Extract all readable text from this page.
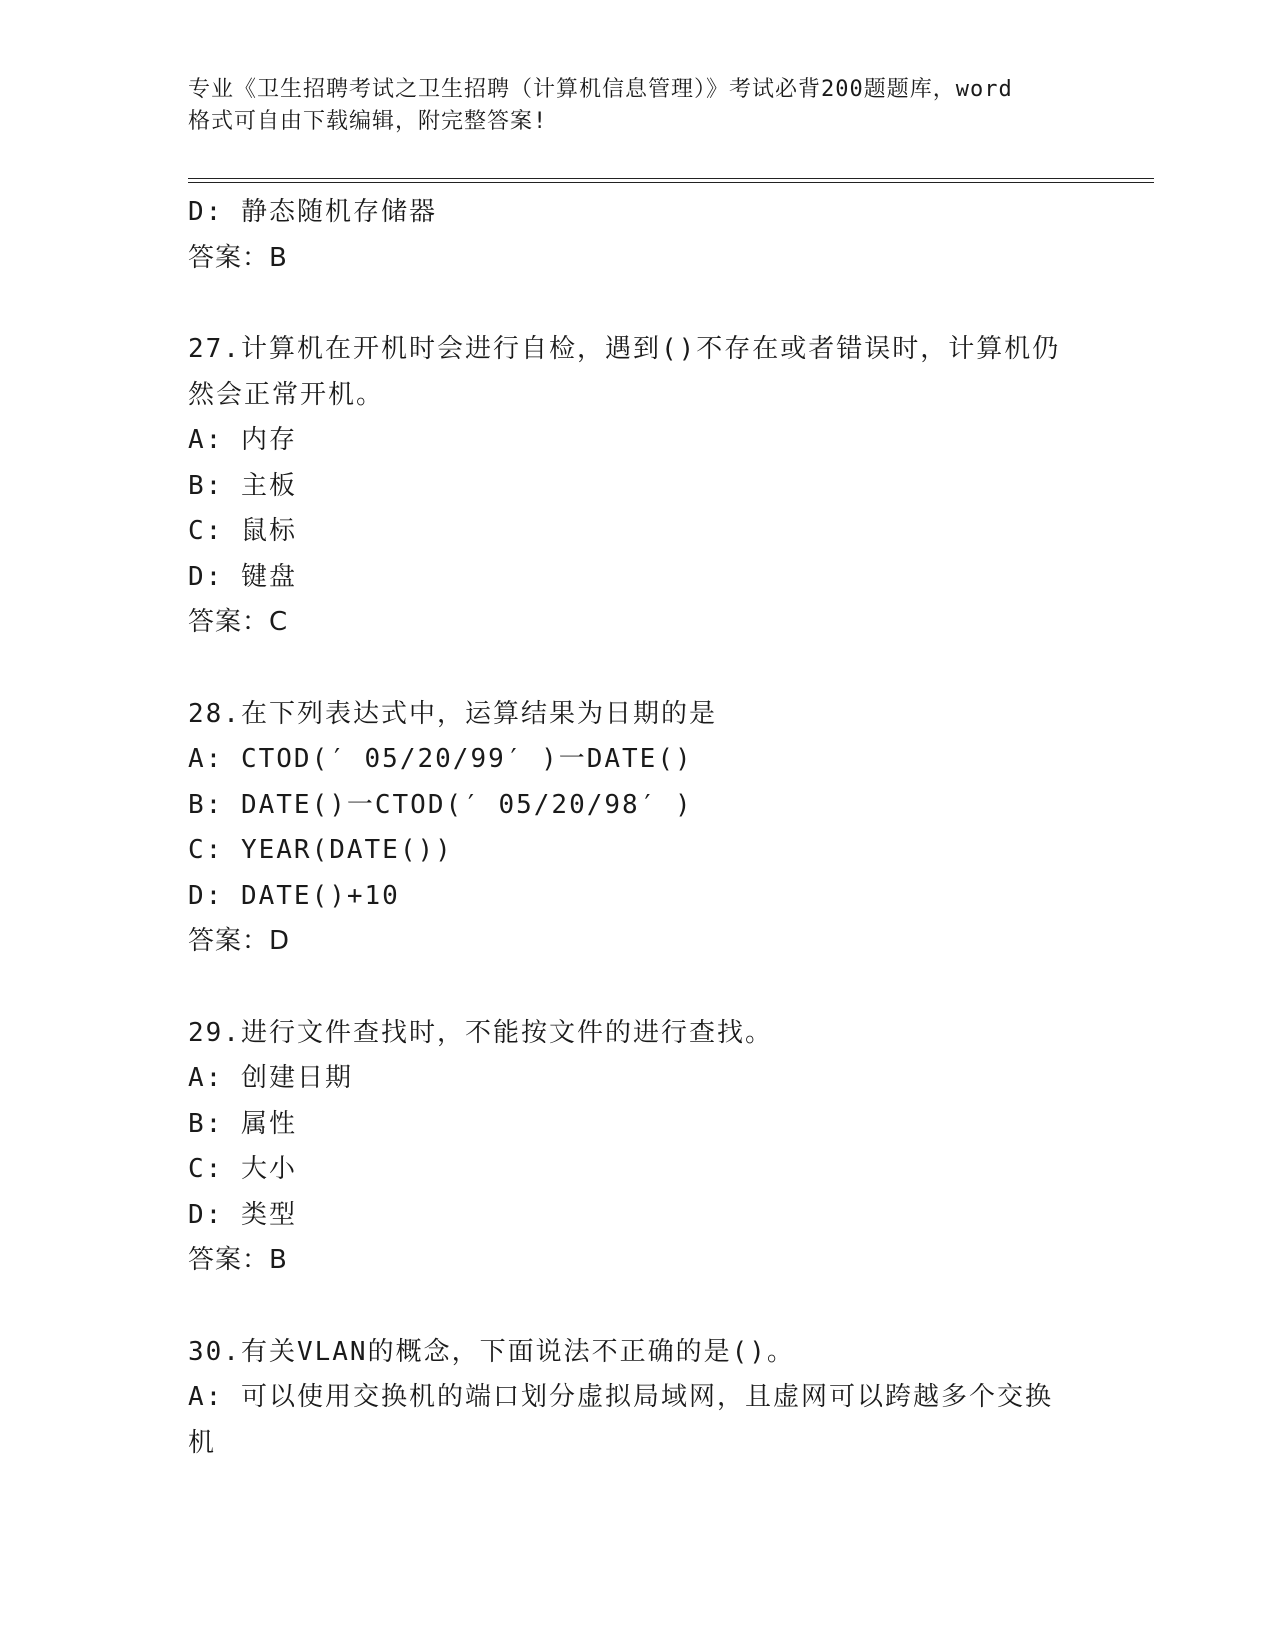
专业《卫生招聘考试之卫生招聘（计算机信息管理）》考试必背200题题库，word
格式可自由下载编辑，附完整答案!
D: 静态随机存储器
答案：B
27.计算机在开机时会进行自检，遇到()不存在或者错误时，计算机仍
然会正常开机。
A: 内存
B: 主板
C: 鼠标
D: 键盘
答案：C
28.在下列表达式中，运算结果为日期的是
A: CTOD(′ 05/20/99′ )一DATE()
B: DATE()一CTOD(′ 05/20/98′ )
C: YEAR(DATE())
D: DATE()+10
答案：D
29.进行文件查找时，不能按文件的进行查找。
A: 创建日期
B: 属性
C: 大小
D: 类型
答案：B
30.有关VLAN的概念，下面说法不正确的是()。
A: 可以使用交换机的端口划分虚拟局域网，且虚网可以跨越多个交换
机
